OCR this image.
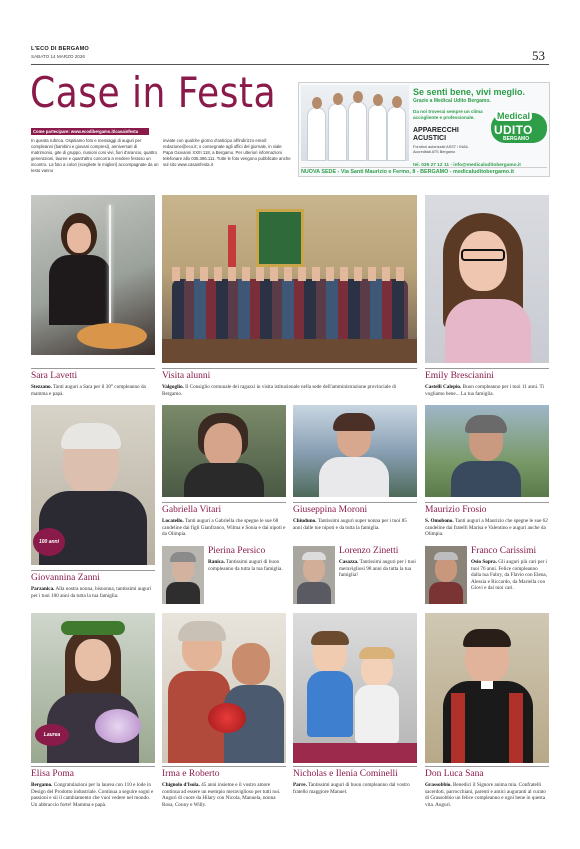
L'ECO DI BERGAMO
SABATO 14 MARZO 2026	53
Case in Festa
Come partecipare: www.ecodibergamo.it/casainfesta
In questa rubrica. Ospitiamo foto e messaggi di auguri per compleanni (bambini e giovani compresi), anniversari di matrimonio, gite di gruppo, riunioni coni vivi, fiori d'arancio, quattro generazioni, lauree e quant'altro concorra a rendere festoso un incontro. La foto a colori (scegliete le migliori) accompagnate da un testo vanno
inviate con qualche giorno d'anticipo all'indirizzo email: redazione@eco.it; o consegnate agli uffici del giornale, in viale Papa Giovanni XXIII 118, a Bergamo. Per ulteriori informazioni telefonare allo 035.386.111. Tutte le foto vengono pubblicate anche sul sito www.casainfesta.it
Se senti bene, vivi meglio.
Grazie a Medical Udito Bergamo.
Da noi troverai sempre un clima accogliente e professionale.
APPARECCHI ACUSTICI
Fornitori autorizzati ASST / INAIL Accreditati ATS Bergamo
Medical
UDITO
BERGAMO
tel. 035 27 12 11 - info@medicaluditobergamo.it
NUOVA SEDE - Via Santi Maurizio e Fermo, 8 - BERGAMO - medicaluditobergamo.it
Sara Lavetti
Stezzano. Tanti auguri a Sara per il 30° compleanno da mamma e papà.
Visita alunni
Valgoglio. Il Consiglio comunale dei ragazzi in visita istituzionale nella sede dell'amministrazione provinciale di Bergamo.
Emily Brescianini
Castelli Calepio. Buon compleanno per i tuoi 11 anni. Ti vogliamo bene... La tua famiglia.
100 anni
Gabriella Vitari
Locatello. Tanti auguri a Gabriella che spegne le sue 68 candeline dai figli Gianfranco, Wilma e Sonia e dai nipoti e da Olimpia.
Giuseppina Moroni
Chiuduno. Tantissimi auguri super nonna per i tuoi 85 anni dalle tue nipoti e da tutta la famiglia.
Maurizio Frosio
S. Omobono. Tanti auguri a Maurizio che spegne le sue 62 candeline dai fratelli Marisa e Valentino e auguri anche da Olimpia.
Pierina Persico
Ranica. Tantissimi auguri di buon compleanno da tutta la tua famiglia.
Lorenzo Zinetti
Casazza. Tantissimi auguri per i tuoi meravigliosi 98 anni da tutta la tua famiglia!
Franco Carissimi
Osio Sopra. Gli auguri più cari per i tuoi 76 anni. Felice compleanno dalla tua Fabry, da Flavio con Elena, Alessia e Riccardo, da Mariella con Giovi e dai tuoi cari.
Giovannina Zanni
Parzanica. Alla nostra nonna, bisnonna, tantissimi auguri per i tuoi 100 anni da tutta la tua famiglia.
Laurea
Elisa Poma
Bergamo. Congratulazioni per la laurea con 110 e lode in Design del Prodotto industriale. Continua a seguire sogni e passioni e sii il cambiamento che vuoi vedere nel mondo. Un abbraccio forte! Mamma e papà.
Irma e Roberto
Chignolo d'Isola. 45 anni insieme e il vostro amore continua ad essere un esempio meraviglioso per tutti noi. Auguri di cuore da Hilary con Nicola, Manuela, nonna Rosa, Conny e Willy.
Nicholas e Ilenia Cominelli
Parre. Tantissimi auguri di buon compleanno dal vostro fratello maggiore Manuel.
Don Luca Sana
Grassobbio. Benedici il Signore anima mia. Confratelli sacerdoti, parrocchiani, parenti e amici auguranti al curato di Grassobbio un felice compleanno e ogni bene in questa vita. Auguri.
